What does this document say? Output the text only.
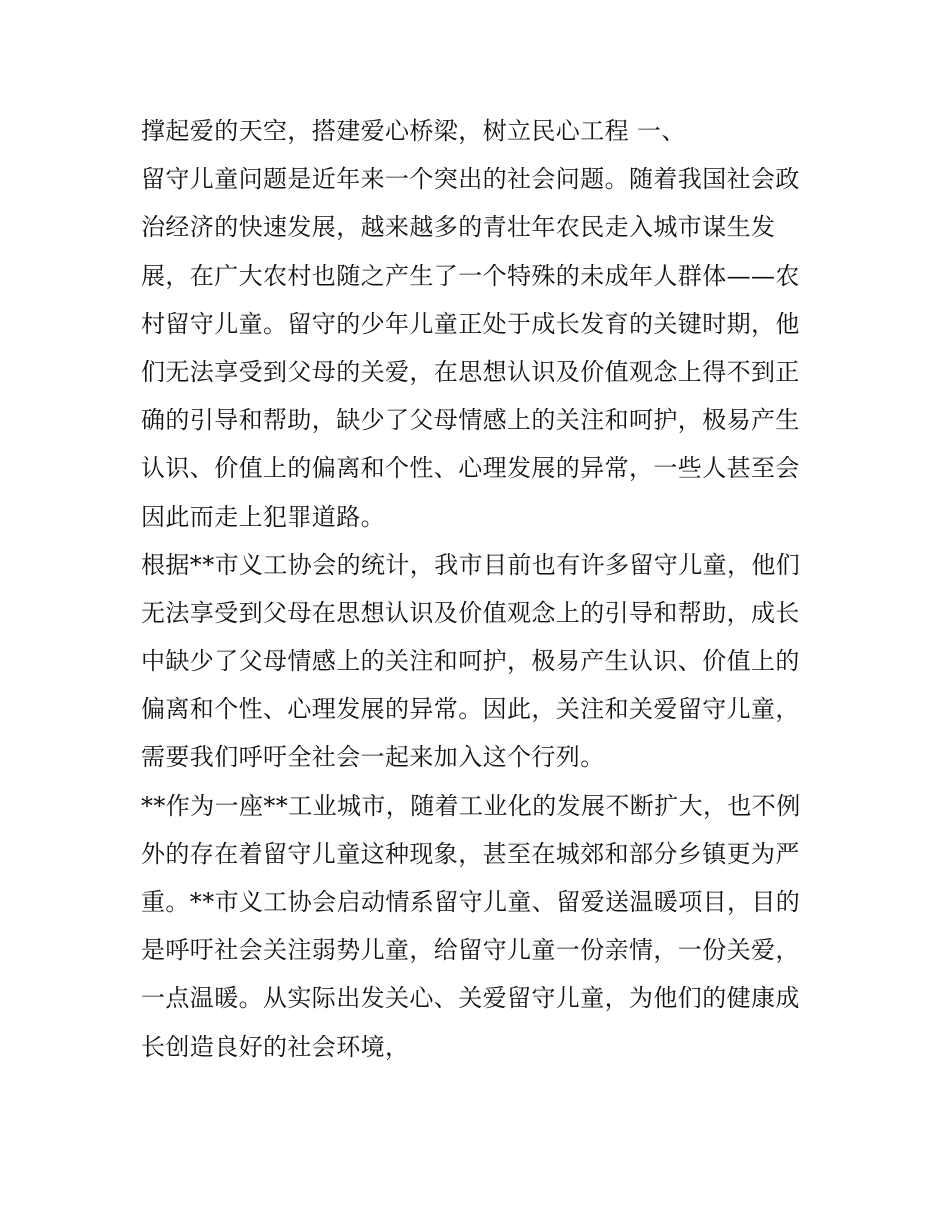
撑起爱的天空，搭建爱心桥梁，树立民心工程 一、
留守儿童问题是近年来一个突出的社会问题。随着我国社会政
治经济的快速发展，越来越多的青壮年农民走入城市谋生发
展，在广大农村也随之产生了一个特殊的未成年人群体——农
村留守儿童。留守的少年儿童正处于成长发育的关键时期，他
们无法享受到父母的关爱，在思想认识及价值观念上得不到正
确的引导和帮助，缺少了父母情感上的关注和呵护，极易产生
认识、价值上的偏离和个性、心理发展的异常，一些人甚至会
因此而走上犯罪道路。
根据**市义工协会的统计，我市目前也有许多留守儿童，他们
无法享受到父母在思想认识及价值观念上的引导和帮助，成长
中缺少了父母情感上的关注和呵护，极易产生认识、价值上的
偏离和个性、心理发展的异常。因此，关注和关爱留守儿童，
需要我们呼吁全社会一起来加入这个行列。
**作为一座**工业城市，随着工业化的发展不断扩大，也不例
外的存在着留守儿童这种现象，甚至在城郊和部分乡镇更为严
重。**市义工协会启动情系留守儿童、留爱送温暖项目，目的
是呼吁社会关注弱势儿童，给留守儿童一份亲情，一份关爱，
一点温暖。从实际出发关心、关爱留守儿童，为他们的健康成
长创造良好的社会环境，
